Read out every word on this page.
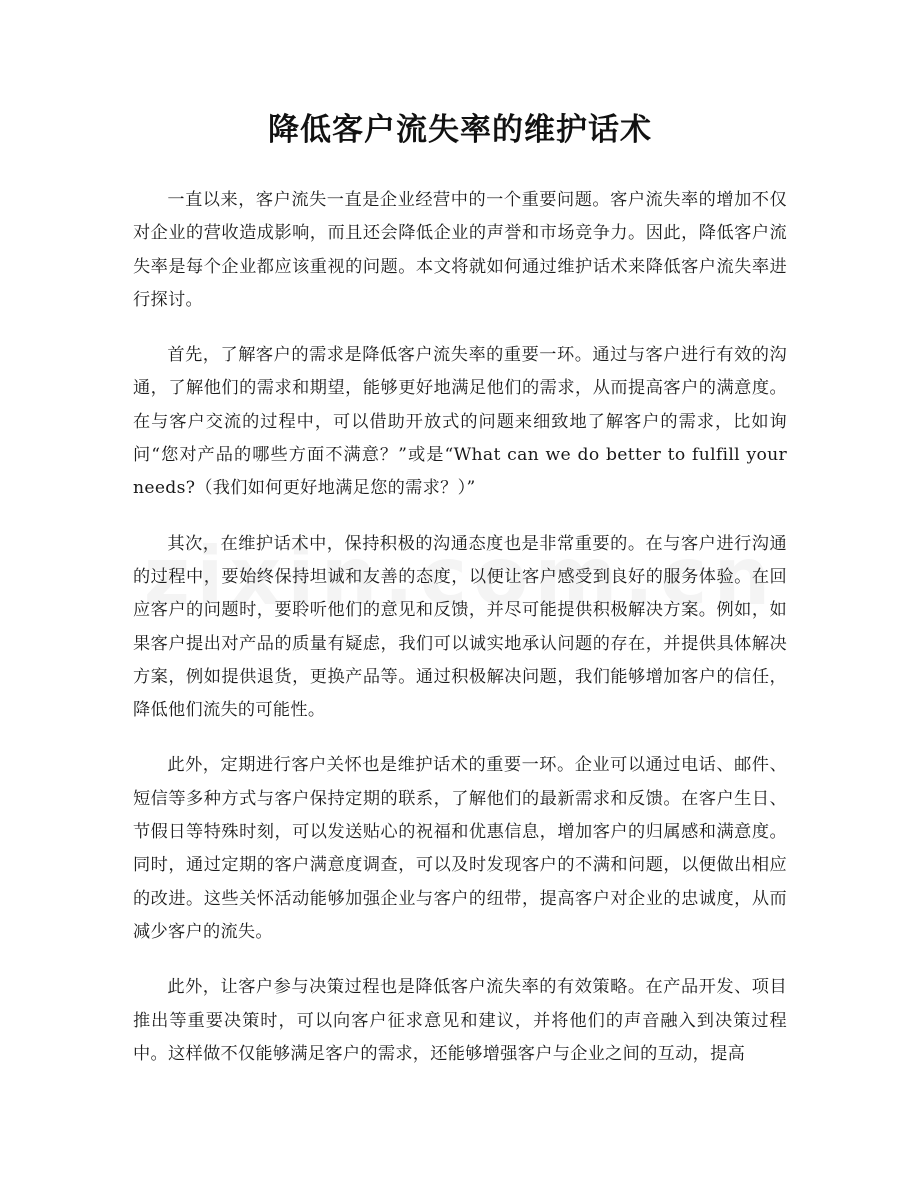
降低客户流失率的维护话术

一直以来，客户流失一直是企业经营中的一个重要问题。客户流失率的增加不仅对企业的营收造成影响，而且还会降低企业的声誉和市场竞争力。因此，降低客户流失率是每个企业都应该重视的问题。本文将就如何通过维护话术来降低客户流失率进行探讨。

首先，了解客户的需求是降低客户流失率的重要一环。通过与客户进行有效的沟通，了解他们的需求和期望，能够更好地满足他们的需求，从而提高客户的满意度。在与客户交流的过程中，可以借助开放式的问题来细致地了解客户的需求，比如询问“您对产品的哪些方面不满意？”或是“What can we do better to fulfill your needs?（我们如何更好地满足您的需求？）”

其次，在维护话术中，保持积极的沟通态度也是非常重要的。在与客户进行沟通的过程中，要始终保持坦诚和友善的态度，以便让客户感受到良好的服务体验。在回应客户的问题时，要聆听他们的意见和反馈，并尽可能提供积极解决方案。例如，如果客户提出对产品的质量有疑虑，我们可以诚实地承认问题的存在，并提供具体解决方案，例如提供退货，更换产品等。通过积极解决问题，我们能够增加客户的信任，降低他们流失的可能性。

此外，定期进行客户关怀也是维护话术的重要一环。企业可以通过电话、邮件、短信等多种方式与客户保持定期的联系，了解他们的最新需求和反馈。在客户生日、节假日等特殊时刻，可以发送贴心的祝福和优惠信息，增加客户的归属感和满意度。同时，通过定期的客户满意度调查，可以及时发现客户的不满和问题，以便做出相应的改进。这些关怀活动能够加强企业与客户的纽带，提高客户对企业的忠诚度，从而减少客户的流失。

此外，让客户参与决策过程也是降低客户流失率的有效策略。在产品开发、项目推出等重要决策时，可以向客户征求意见和建议，并将他们的声音融入到决策过程中。这样做不仅能够满足客户的需求，还能够增强客户与企业之间的互动，提高
